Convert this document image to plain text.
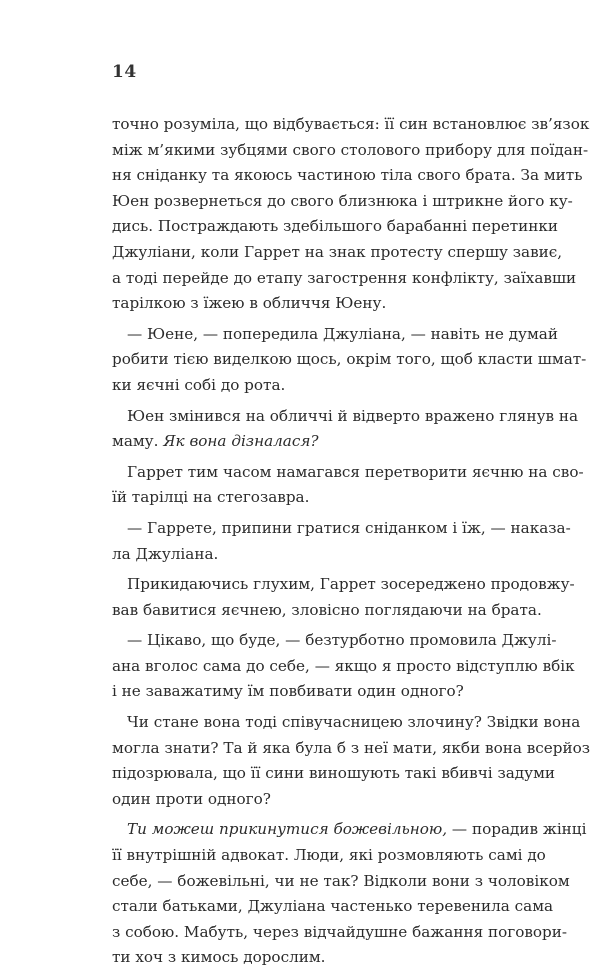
14
точно розуміла, що відбувається: її син встановлює зв’язок
між м’якими зубцями свого столового прибору для поїдан-
ня сніданку та якоюсь частиною тіла свого брата. За мить
Юен розвернеться до свого близнюка і штрикне його ку-
дись. Постраждають здебільшого барабанні перетинки
Джуліани, коли Гаррет на знак протесту спершу завиє,
а тоді перейде до етапу загострення конфлікту, заїхавши
тарілкою з їжею в обличчя Юену.
— Юене, — попередила Джуліана, — навіть не думай
робити тією виделкою щось, окрім того, щоб класти шмат-
ки яєчні собі до рота.
Юен змінився на обличчі й відверто вражено глянув на
маму. Як вона дізналася?
Гаррет тим часом намагався перетворити яєчню на сво-
їй тарілці на стегозавра.
— Гаррете, припини гратися сніданком і їж, — наказа-
ла Джуліана.
Прикидаючись глухим, Гаррет зосереджено продовжу-
вав бавитися яєчнею, зловісно поглядаючи на брата.
— Цікаво, що буде, — безтурботно промовила Джулі-
ана вголос сама до себе, — якщо я просто відступлю вбік
і не заважатиму їм повбивати один одного?
Чи стане вона тоді співучасницею злочину? Звідки вона
могла знати? Та й яка була б з неї мати, якби вона всерйоз
підозрювала, що її сини виношують такі вбивчі задуми
один проти одного?
Ти можеш прикинутися божевільною, — порадив жінці
її внутрішній адвокат. Люди, які розмовляють самі до
себе, — божевільні, чи не так? Відколи вони з чоловіком
стали батьками, Джуліана частенько теревенила сама
з собою. Мабуть, через відчайдушне бажання поговори-
ти хоч з кимось дорослим.
